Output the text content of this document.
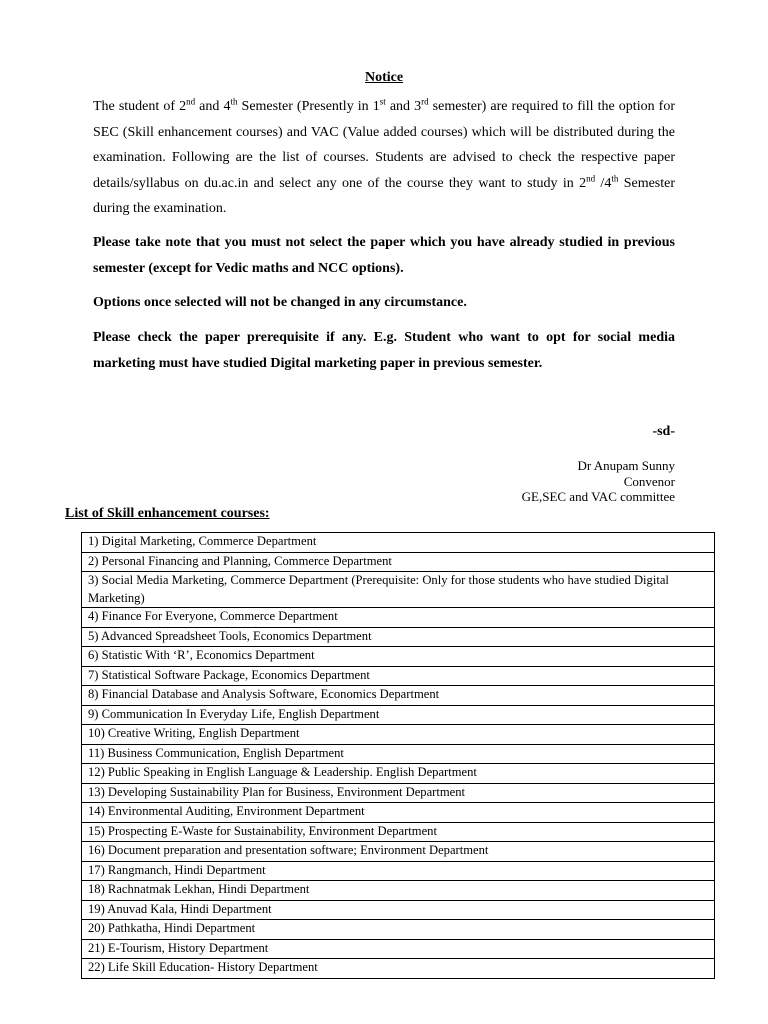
Notice

The student of 2nd and 4th Semester (Presently in 1st and 3rd semester) are required to fill the option for SEC (Skill enhancement courses) and VAC (Value added courses) which will be distributed during the examination. Following are the list of courses. Students are advised to check the respective paper details/syllabus on du.ac.in and select any one of the course they want to study in 2nd /4th Semester during the examination.

Please take note that you must not select the paper which you have already studied in previous semester (except for Vedic maths and NCC options).

Options once selected will not be changed in any circumstance.

Please check the paper prerequisite if any. E.g. Student who want to opt for social media marketing must have studied Digital marketing paper in previous semester.

-sd-
Dr Anupam Sunny
Convenor
GE,SEC and VAC committee
List of Skill enhancement courses:
1) Digital Marketing, Commerce Department
2) Personal Financing and Planning, Commerce Department
3) Social Media Marketing, Commerce Department (Prerequisite: Only for those students who have studied Digital Marketing)
4) Finance For Everyone, Commerce Department
5) Advanced Spreadsheet Tools, Economics Department
6) Statistic With ‘R’, Economics Department
7) Statistical Software Package, Economics Department
8) Financial Database and Analysis Software, Economics Department
9) Communication In Everyday Life, English Department
10) Creative Writing, English Department
11) Business Communication, English Department
12) Public Speaking in English Language & Leadership. English Department
13) Developing Sustainability Plan for Business, Environment Department
14) Environmental Auditing, Environment Department
15) Prospecting E-Waste for Sustainability, Environment Department
16) Document preparation and presentation software; Environment Department
17) Rangmanch, Hindi Department
18) Rachnatmak Lekhan, Hindi Department
19) Anuvad Kala, Hindi Department
20) Pathkatha, Hindi Department
21) E-Tourism, History Department
22) Life Skill Education- History Department
